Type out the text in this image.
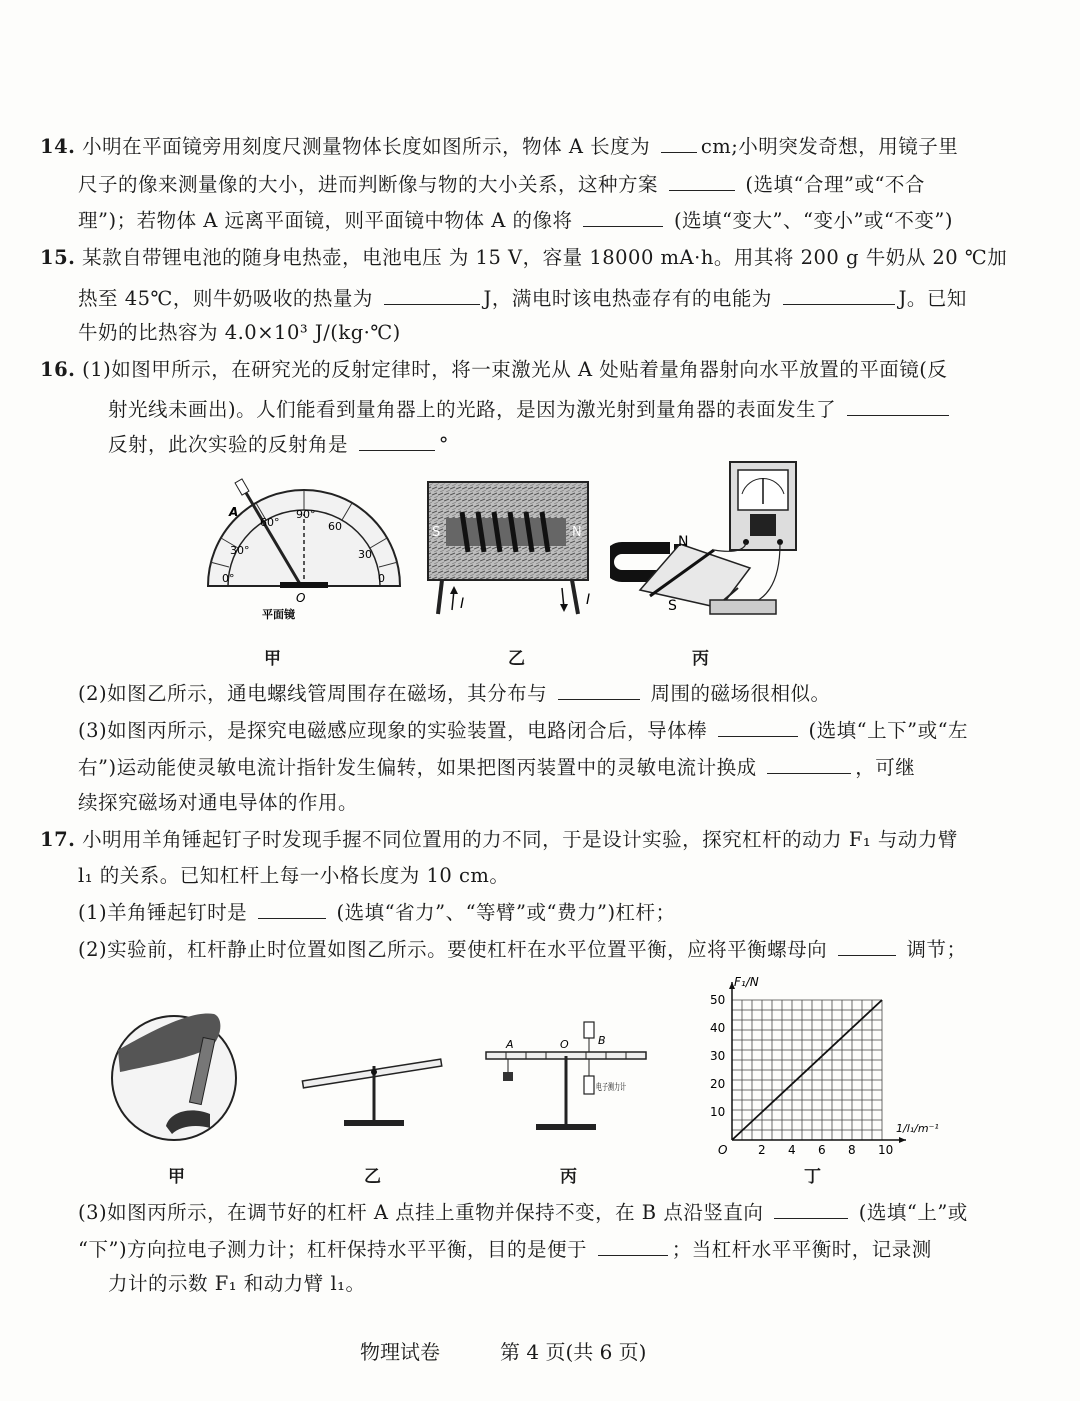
14. 小明在平面镜旁用刻度尺测量物体长度如图所示，物体 A 长度为	cm;小明突发奇想，用镜子里
尺子的像来测量像的大小，进而判断像与物的大小关系，这种方案	(选填“合理”或“不合
理”)；若物体 A 远离平面镜，则平面镜中物体 A 的像将	(选填“变大”、“变小”或“不变”)
15. 某款自带锂电池的随身电热壶，电池电压 为 15 V，容量 18000 mA·h。用其将 200 g 牛奶从 20 ℃加
热至 45℃，则牛奶吸收的热量为	J，满电时该电热壶存有的电能为	J。已知
牛奶的比热容为 4.0×10³ J/(kg·℃)
16. (1)如图甲所示，在研究光的反射定律时，将一束激光从 A 处贴着量角器射向水平放置的平面镜(反
射光线未画出)。人们能看到量角器上的光路，是因为激光射到量角器的表面发生了
反射，此次实验的反射角是	°
A
60°
90°
60
30°	30
0°	0
O
平面镜
甲
S	N
I	I
乙
N
S
丙
(2)如图乙所示，通电螺线管周围存在磁场，其分布与	周围的磁场很相似。
(3)如图丙所示，是探究电磁感应现象的实验装置，电路闭合后，导体棒	(选填“上下”或“左
右”)运动能使灵敏电流计指针发生偏转，如果把图丙装置中的灵敏电流计换成	，可继
续探究磁场对通电导体的作用。
17. 小明用羊角锤起钉子时发现手握不同位置用的力不同，于是设计实验，探究杠杆的动力 F₁ 与动力臂
l₁ 的关系。已知杠杆上每一小格长度为 10 cm。
(1)羊角锤起钉时是	(选填“省力”、“等臂”或“费力”)杠杆；
(2)实验前，杠杆静止时位置如图乙所示。要使杠杆在水平位置平衡，应将平衡螺母向	调节；
甲	乙
A	O	B
电子测力计
丙
2 4 6 8 10
10
20
30
40
50
O
F₁/N
1/l₁/m⁻¹
丁
(3)如图丙所示，在调节好的杠杆 A 点挂上重物并保持不变，在 B 点沿竖直向	(选填“上”或
“下”)方向拉电子测力计；杠杆保持水平平衡，目的是便于	；当杠杆水平平衡时，记录测
力计的示数 F₁ 和动力臂 l₁。
物理试卷	第 4 页(共 6 页)
